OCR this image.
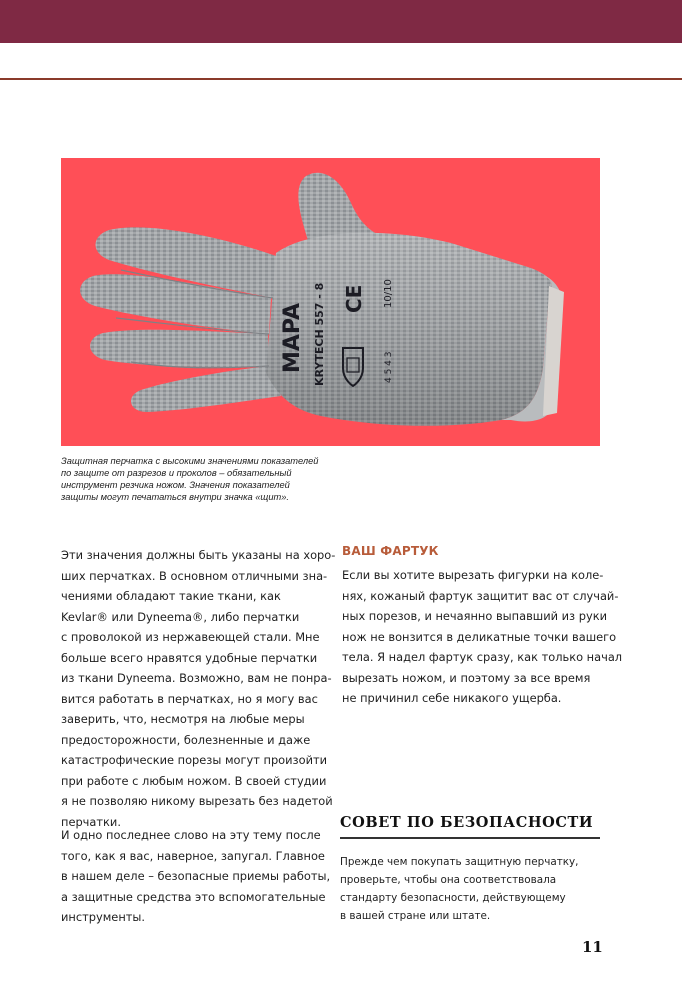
MAPA KRYTECH 557 - 8 CE 10/10
4 5 4 3
Защитная перчатка с высокими значениями показателей
по защите от разрезов и проколов – обязательный
инструмент резчика ножом. Значения показателей
защиты могут печататься внутри значка «щит».
Эти значения должны быть указаны на хоро-
ших перчатках. В основном отличными зна-
чениями обладают такие ткани, как
Kevlar® или Dyneema®, либо перчатки
с проволокой из нержавеющей стали. Мне
больше всего нравятся удобные перчатки
из ткани Dyneema. Возможно, вам не понра-
вится работать в перчатках, но я могу вас
заверить, что, несмотря на любые меры
предосторожности, болезненные и даже
катастрофические порезы могут произойти
при работе с любым ножом. В своей студии
я не позволяю никому вырезать без надетой
перчатки.
И одно последнее слово на эту тему после
того, как я вас, наверное, запугал. Главное
в нашем деле – безопасные приемы работы,
а защитные средства это вспомогательные
инструменты.
ВАШ ФАРТУК
Если вы хотите вырезать фигурки на коле-
нях, кожаный фартук защитит вас от случай-
ных порезов, и нечаянно выпавший из руки
нож не вонзится в деликатные точки вашего
тела. Я надел фартук сразу, как только начал
вырезать ножом, и поэтому за все время
не причинил себе никакого ущерба.
СОВЕТ ПО БЕЗОПАСНОСТИ
Прежде чем покупать защитную перчатку,
проверьте, чтобы она соответствовала
стандарту безопасности, действующему
в вашей стране или штате.
11
